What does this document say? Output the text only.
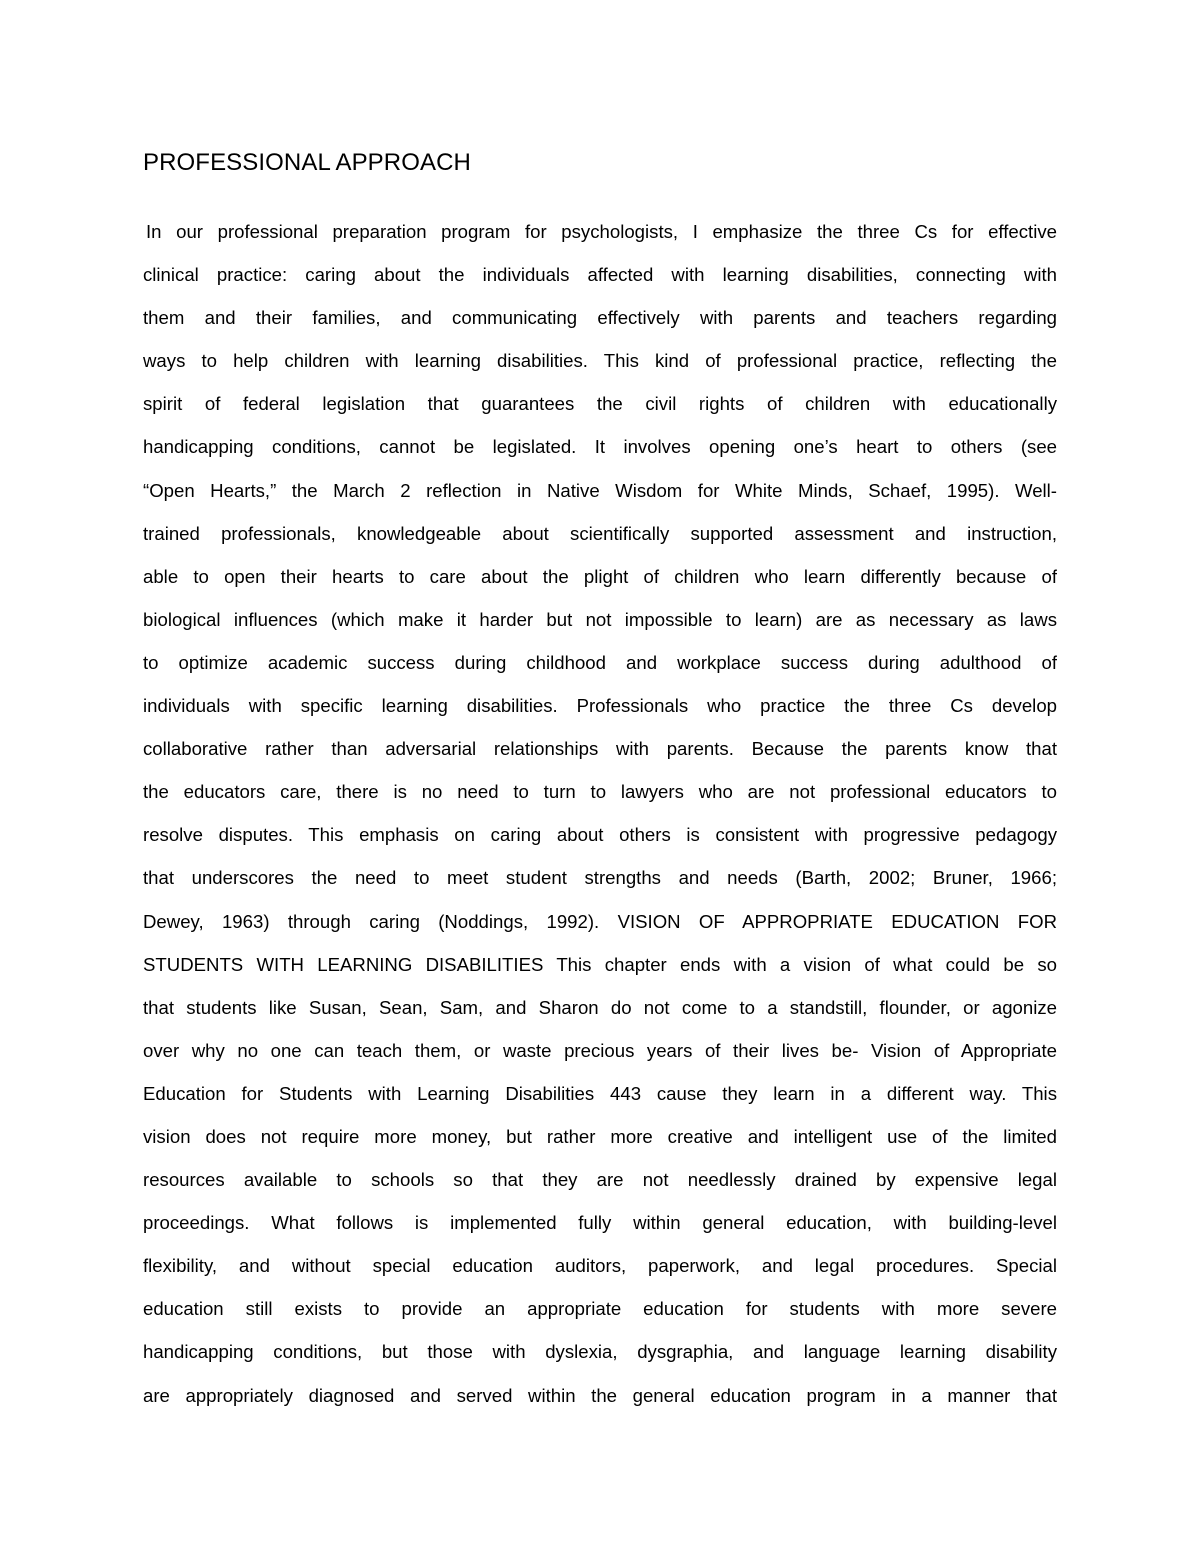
PROFESSIONAL APPROACH
In our professional preparation program for psychologists, I emphasize the three Cs for effective
clinical practice: caring about the individuals affected with learning disabilities, connecting with
them and their families, and communicating effectively with parents and teachers regarding
ways to help children with learning disabilities. This kind of professional practice, reflecting the
spirit of federal legislation that guarantees the civil rights of children with educationally
handicapping conditions, cannot be legislated. It involves opening one’s heart to others (see
“Open Hearts,” the March 2 reflection in Native Wisdom for White Minds, Schaef, 1995). Well-
trained professionals, knowledgeable about scientifically supported assessment and instruction,
able to open their hearts to care about the plight of children who learn differently because of
biological influences (which make it harder but not impossible to learn) are as necessary as laws
to optimize academic success during childhood and workplace success during adulthood of
individuals with specific learning disabilities. Professionals who practice the three Cs develop
collaborative rather than adversarial relationships with parents. Because the parents know that
the educators care, there is no need to turn to lawyers who are not professional educators to
resolve disputes. This emphasis on caring about others is consistent with progressive pedagogy
that underscores the need to meet student strengths and needs (Barth, 2002; Bruner, 1966;
Dewey, 1963) through caring (Noddings, 1992). VISION OF APPROPRIATE EDUCATION FOR
STUDENTS WITH LEARNING DISABILITIES This chapter ends with a vision of what could be so
that students like Susan, Sean, Sam, and Sharon do not come to a standstill, flounder, or agonize
over why no one can teach them, or waste precious years of their lives be- Vision of Appropriate
Education for Students with Learning Disabilities 443 cause they learn in a different way. This
vision does not require more money, but rather more creative and intelligent use of the limited
resources available to schools so that they are not needlessly drained by expensive legal
proceedings. What follows is implemented fully within general education, with building-level
flexibility, and without special education auditors, paperwork, and legal procedures. Special
education still exists to provide an appropriate education for students with more severe
handicapping conditions, but those with dyslexia, dysgraphia, and language learning disability
are appropriately diagnosed and served within the general education program in a manner that
